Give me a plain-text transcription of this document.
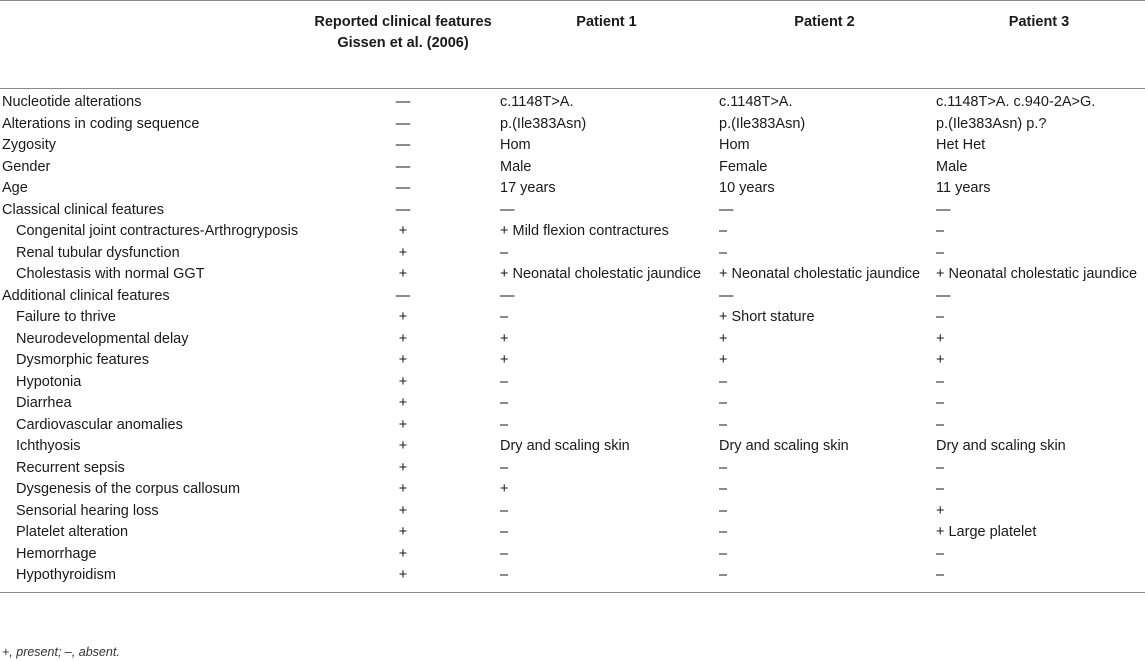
	Reported clinical features Gissen et al. (2006)	Patient 1	Patient 2	Patient 3
Nucleotide alterations	—	c.1148T>A.	c.1148T>A.	c.1148T>A. c.940-2A>G.
Alterations in coding sequence	—	p.(Ile383Asn)	p.(Ile383Asn)	p.(Ile383Asn) p.?
Zygosity	—	Hom	Hom	Het Het
Gender	—	Male	Female	Male
Age	—	17 years	10 years	11 years
Classical clinical features	—	—	—	—
Congenital joint contractures-Arthrogryposis	+	+ Mild flexion contractures	–	–
Renal tubular dysfunction	+	–	–	–
Cholestasis with normal GGT	+	+ Neonatal cholestatic jaundice	+ Neonatal cholestatic jaundice	+ Neonatal cholestatic jaundice
Additional clinical features	—	—	—	—
Failure to thrive	+	–	+ Short stature	–
Neurodevelopmental delay	+	+	+	+
Dysmorphic features	+	+	+	+
Hypotonia	+	–	–	–
Diarrhea	+	–	–	–
Cardiovascular anomalies	+	–	–	–
Ichthyosis	+	Dry and scaling skin	Dry and scaling skin	Dry and scaling skin
Recurrent sepsis	+	–	–	–
Dysgenesis of the corpus callosum	+	+	–	–
Sensorial hearing loss	+	–	–	+
Platelet alteration	+	–	–	+ Large platelet
Hemorrhage	+	–	–	–
Hypothyroidism	+	–	–	–
+, present; –, absent.
